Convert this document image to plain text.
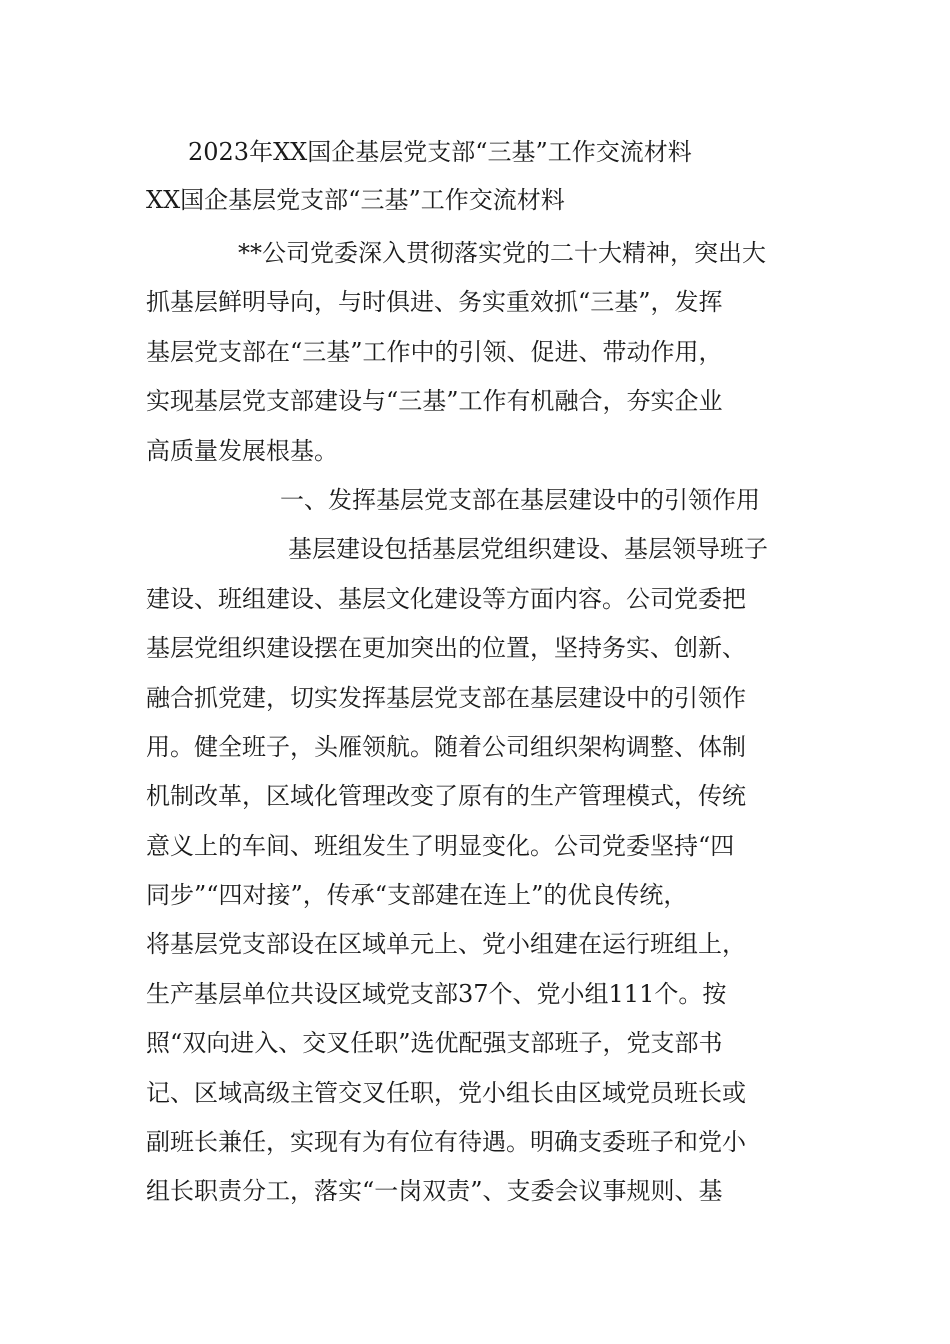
2023年XX国企基层党支部“三基”工作交流材料
XX国企基层党支部“三基”工作交流材料
**公司党委深入贯彻落实党的二十大精神，突出大
抓基层鲜明导向，与时俱进、务实重效抓“三基”，发挥
基层党支部在“三基”工作中的引领、促进、带动作用，
实现基层党支部建设与“三基”工作有机融合，夯实企业
高质量发展根基。
一、发挥基层党支部在基层建设中的引领作用
基层建设包括基层党组织建设、基层领导班子
建设、班组建设、基层文化建设等方面内容。公司党委把
基层党组织建设摆在更加突出的位置，坚持务实、创新、
融合抓党建，切实发挥基层党支部在基层建设中的引领作
用。健全班子，头雁领航。随着公司组织架构调整、体制
机制改革，区域化管理改变了原有的生产管理模式，传统
意义上的车间、班组发生了明显变化。公司党委坚持“四
同步”“四对接”，传承“支部建在连上”的优良传统，
将基层党支部设在区域单元上、党小组建在运行班组上，
生产基层单位共设区域党支部37个、党小组111个。按
照“双向进入、交叉任职”选优配强支部班子，党支部书
记、区域高级主管交叉任职，党小组长由区域党员班长或
副班长兼任，实现有为有位有待遇。明确支委班子和党小
组长职责分工，落实“一岗双责”、支委会议事规则、基
